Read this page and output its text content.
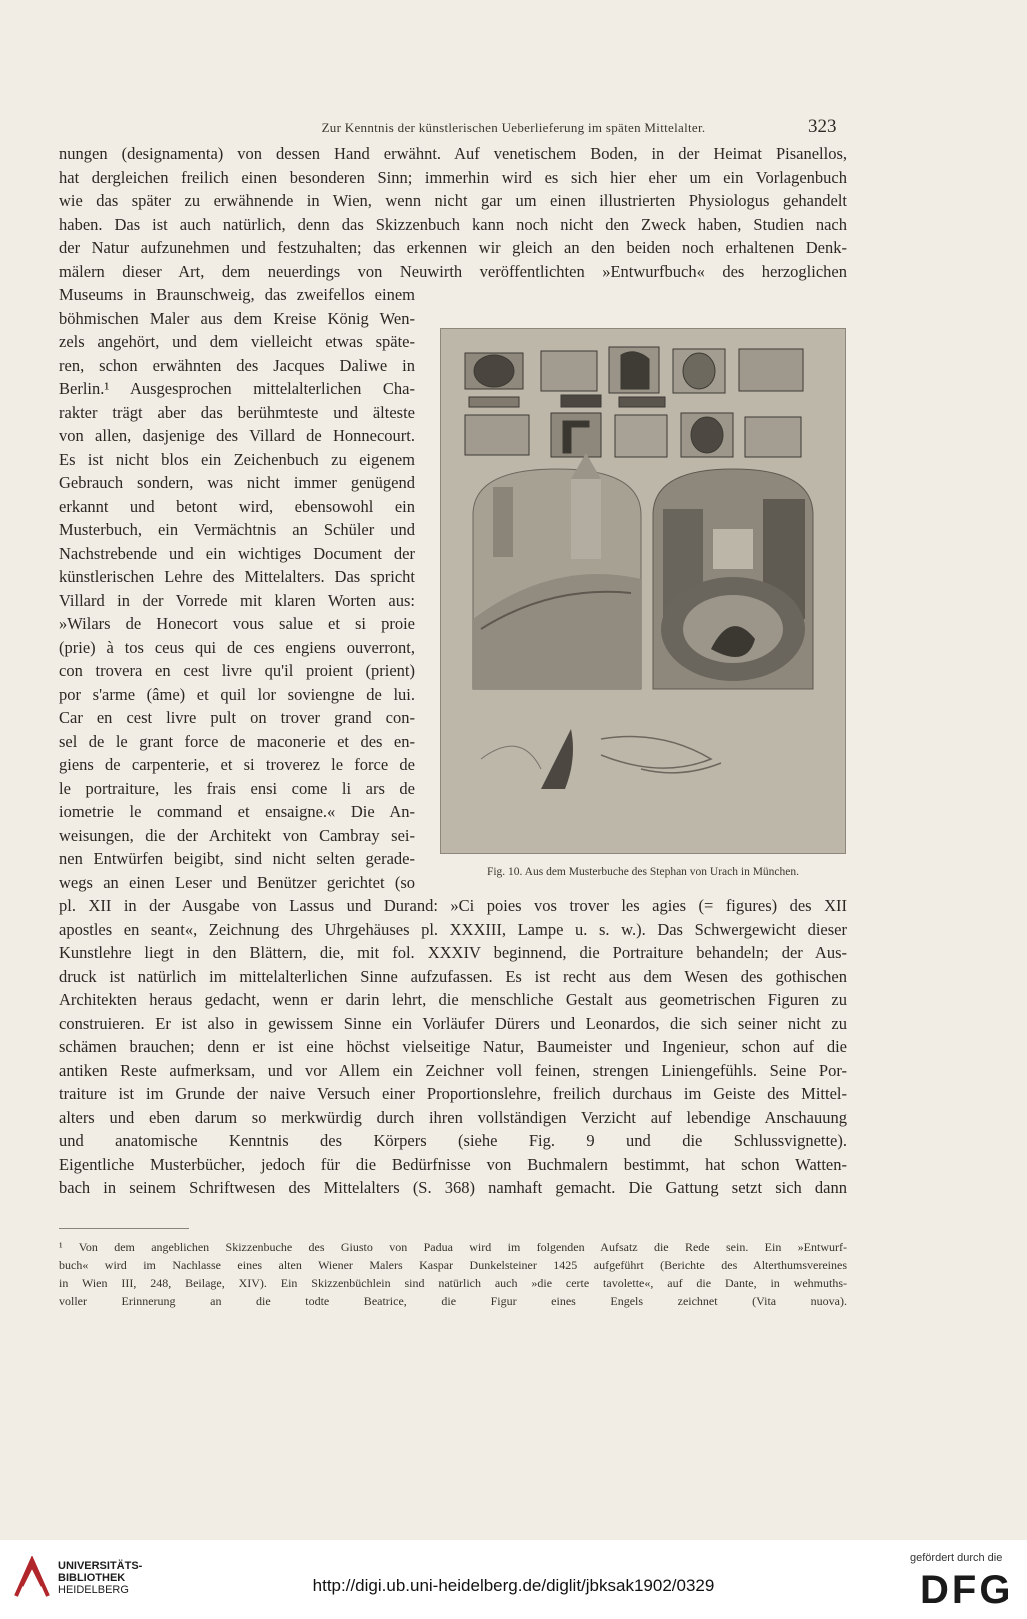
Zur Kenntnis der künstlerischen Ueberlieferung im späten Mittelalter.	323
nungen (designamenta) von dessen Hand erwähnt. Auf venetischem Boden, in der Heimat Pisanellos,
hat dergleichen freilich einen besonderen Sinn; immerhin wird es sich hier eher um ein Vorlagenbuch
wie das später zu erwähnende in Wien, wenn nicht gar um einen illustrierten Physiologus gehandelt
haben. Das ist auch natürlich, denn das Skizzenbuch kann noch nicht den Zweck haben, Studien nach
der Natur aufzunehmen und festzuhalten; das erkennen wir gleich an den beiden noch erhaltenen Denk-
mälern dieser Art, dem neuerdings von Neuwirth veröffentlichten »Entwurfbuch« des herzoglichen
Museums in Braunschweig, das zweifellos einem
böhmischen Maler aus dem Kreise König Wen-
zels angehört, und dem vielleicht etwas späte-
ren, schon erwähnten des Jacques Daliwe in
Berlin.¹ Ausgesprochen mittelalterlichen Cha-
rakter trägt aber das berühmteste und älteste
von allen, dasjenige des Villard de Honnecourt.
Es ist nicht blos ein Zeichenbuch zu eigenem
Gebrauch sondern, was nicht immer genügend
erkannt und betont wird, ebensowohl ein
Musterbuch, ein Vermächtnis an Schüler und
Nachstrebende und ein wichtiges Document der
künstlerischen Lehre des Mittelalters. Das spricht
Villard in der Vorrede mit klaren Worten aus:
»Wilars de Honecort vous salue et si proie
(prie) à tos ceus qui de ces engiens ouverront,
con trovera en cest livre qu'il proient (prient)
por s'arme (âme) et quil lor soviengne de lui.
Car en cest livre pult on trover grand con-
sel de le grant force de maconerie et des en-
giens de carpenterie, et si troverez le force de
le portraiture, les frais ensi come li ars de
iometrie le command et ensaigne.« Die An-
weisungen, die der Architekt von Cambray sei-
nen Entwürfen beigibt, sind nicht selten gerade-
wegs an einen Leser und Benützer gerichtet (so
pl. XII in der Ausgabe von Lassus und Durand: »Ci poies vos trover les agies (= figures) des XII
apostles en seant«, Zeichnung des Uhrgehäuses pl. XXXIII, Lampe u. s. w.). Das Schwergewicht dieser
Kunstlehre liegt in den Blättern, die, mit fol. XXXIV beginnend, die Portraiture behandeln; der Aus-
druck ist natürlich im mittelalterlichen Sinne aufzufassen. Es ist recht aus dem Wesen des gothischen
Architekten heraus gedacht, wenn er darin lehrt, die menschliche Gestalt aus geometrischen Figuren zu
construieren. Er ist also in gewissem Sinne ein Vorläufer Dürers und Leonardos, die sich seiner nicht zu
schämen brauchen; denn er ist eine höchst vielseitige Natur, Baumeister und Ingenieur, schon auf die
antiken Reste aufmerksam, und vor Allem ein Zeichner voll feinen, strengen Liniengefühls. Seine Por-
traiture ist im Grunde der naive Versuch einer Proportionslehre, freilich durchaus im Geiste des Mittel-
alters und eben darum so merkwürdig durch ihren vollständigen Verzicht auf lebendige Anschauung
und anatomische Kenntnis des Körpers (siehe Fig. 9 und die Schlussvignette).
Eigentliche Musterbücher, jedoch für die Bedürfnisse von Buchmalern bestimmt, hat schon Watten-
bach in seinem Schriftwesen des Mittelalters (S. 368) namhaft gemacht. Die Gattung setzt sich dann
Fig. 10. Aus dem Musterbuche des Stephan von Urach in München.
¹ Von dem angeblichen Skizzenbuche des Giusto von Padua wird im folgenden Aufsatz die Rede sein. Ein »Entwurf-
buch« wird im Nachlasse eines alten Wiener Malers Kaspar Dunkelsteiner 1425 aufgeführt (Berichte des Alterthumsvereines
in Wien III, 248, Beilage, XIV). Ein Skizzenbüchlein sind natürlich auch »die certe tavolette«, auf die Dante, in wehmuths-
voller Erinnerung an die todte Beatrice, die Figur eines Engels zeichnet (Vita nuova).
UNIVERSITÄTS-
BIBLIOTHEK
HEIDELBERG	http://digi.ub.uni-heidelberg.de/diglit/jbksak1902/0329
gefördert durch die
DFG
